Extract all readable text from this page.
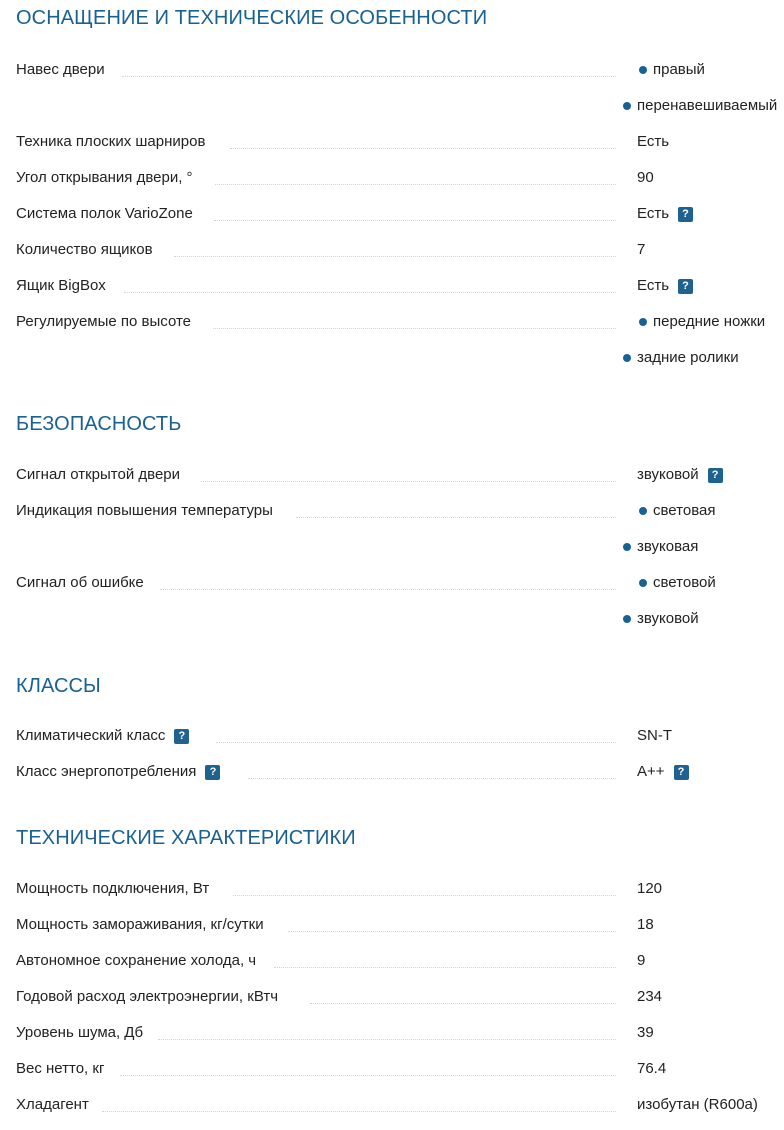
ОСНАЩЕНИЕ И ТЕХНИЧЕСКИЕ ОСОБЕННОСТИ
Навес двери	правый
перенавешиваемый
Техника плоских шарниров	Есть
Угол открывания двери, °	90
Система полок VarioZone	Есть	?
Количество ящиков	7
Ящик BigBox	Есть	?
Регулируемые по высоте	передние ножки
задние ролики
БЕЗОПАСНОСТЬ
Сигнал открытой двери	звуковой	?
Индикация повышения температуры	световая
звуковая
Сигнал об ошибке	световой
звуковой
КЛАССЫ
Климатический класс	?	SN-T
Класс энергопотребления	?	A++	?
ТЕХНИЧЕСКИЕ ХАРАКТЕРИСТИКИ
Мощность подключения, Вт	120
Мощность замораживания, кг/сутки	18
Автономное сохранение холода, ч	9
Годовой расход электроэнергии, кВтч	234
Уровень шума, Дб	39
Вес нетто, кг	76.4
Хладагент	изобутан (R600a)
